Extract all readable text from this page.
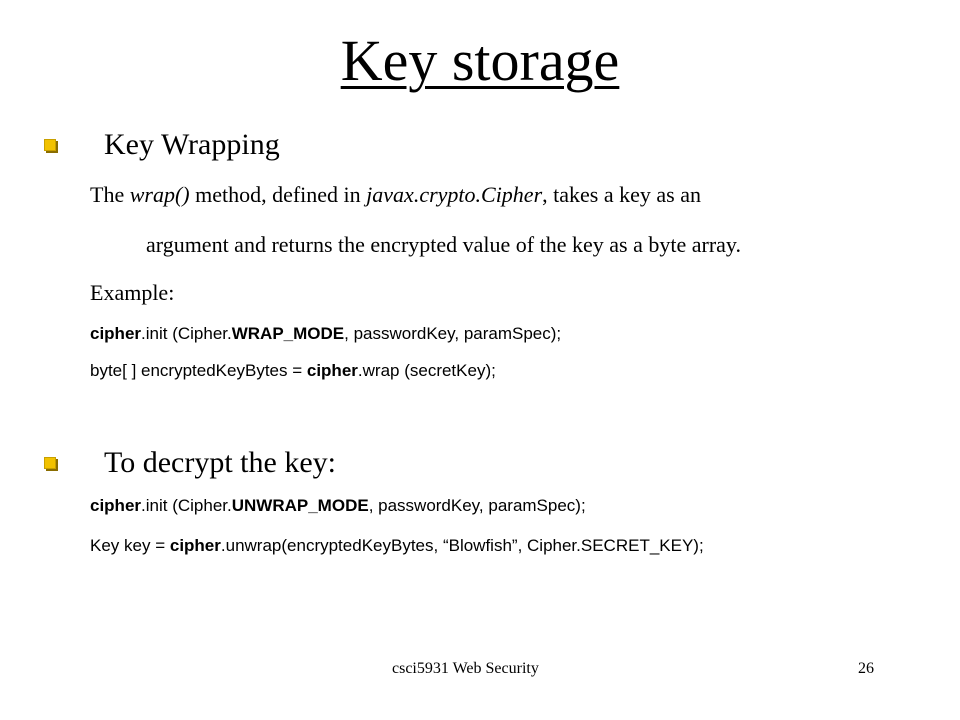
Key storage
Key Wrapping
The wrap() method, defined in javax.crypto.Cipher, takes a key as an
argument and returns the encrypted value of the key as a byte array.
Example:
cipher.init (Cipher.WRAP_MODE, passwordKey, paramSpec);
byte[ ] encryptedKeyBytes = cipher.wrap (secretKey);
To decrypt the key:
cipher.init (Cipher.UNWRAP_MODE, passwordKey, paramSpec);
Key key = cipher.unwrap(encryptedKeyBytes, “Blowfish”, Cipher.SECRET_KEY);
csci5931 Web Security	26
